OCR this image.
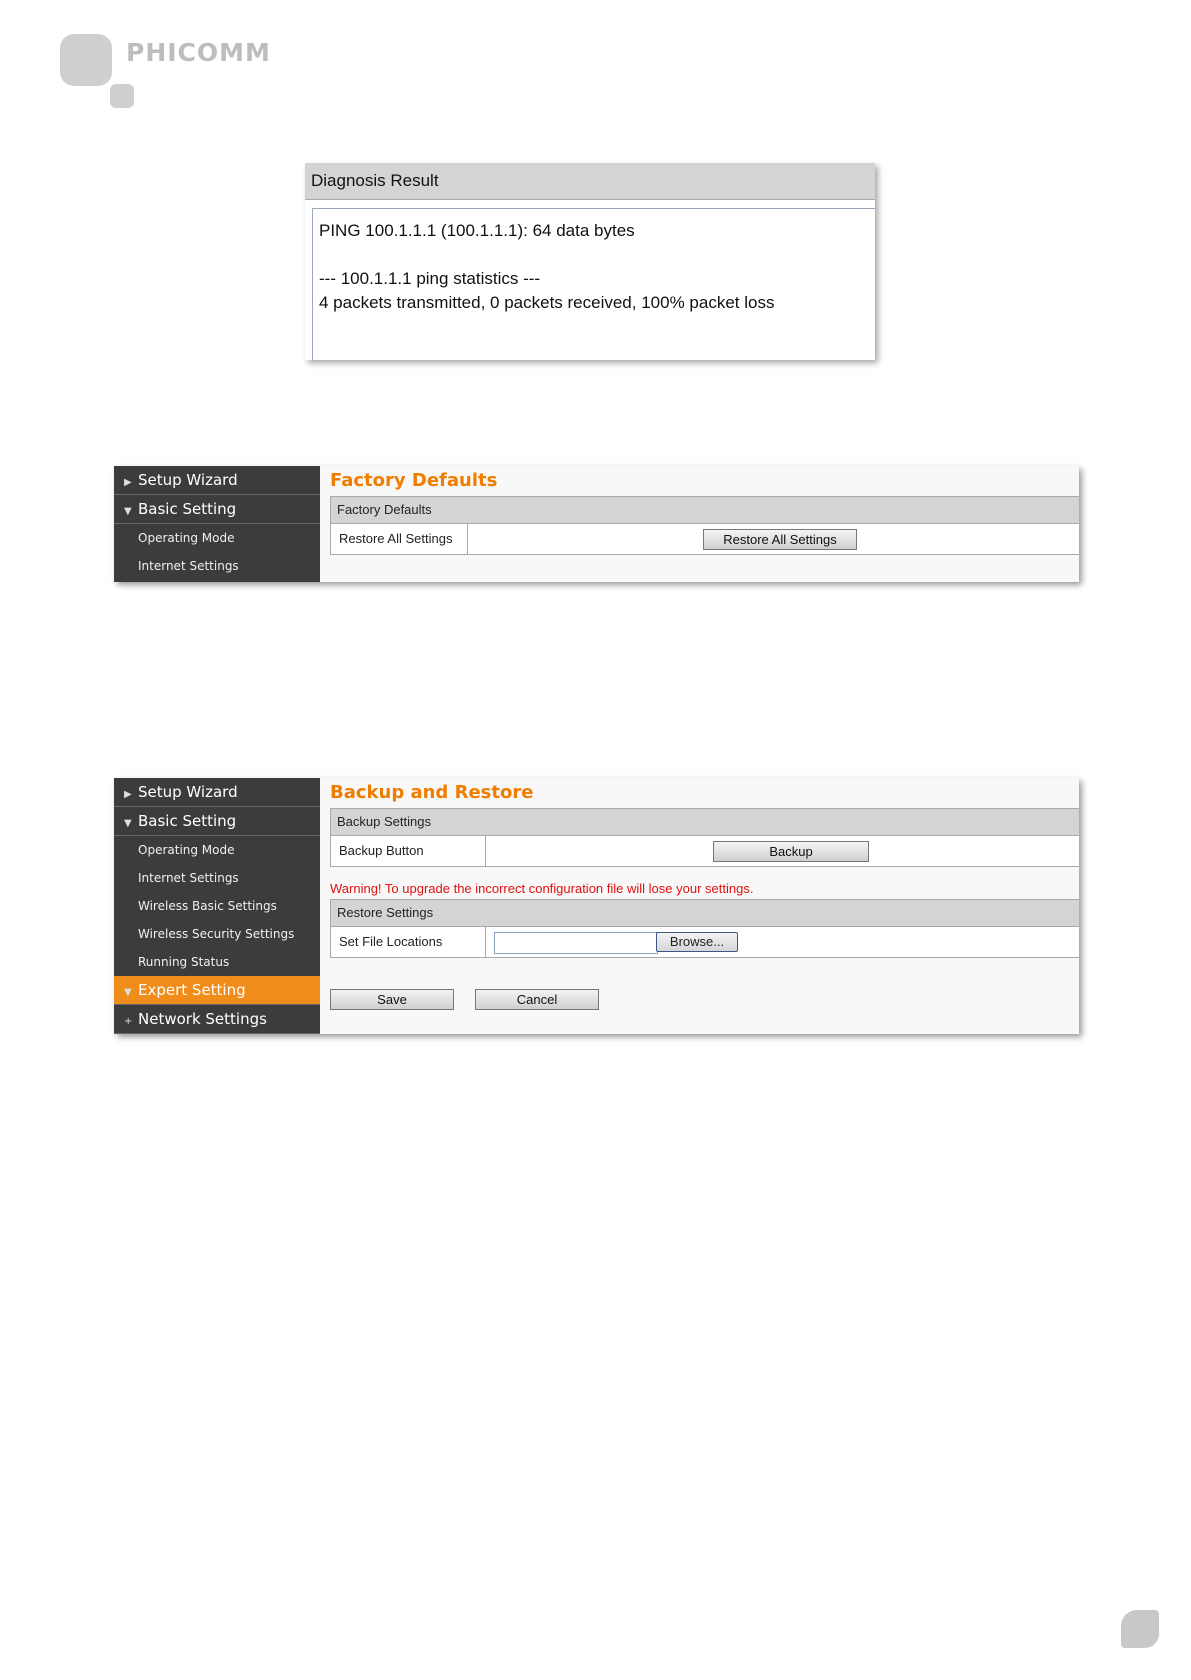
PHICOMM
Diagnosis Result
PING 100.1.1.1 (100.1.1.1): 64 data bytes
--- 100.1.1.1 ping statistics ---
4 packets transmitted, 0 packets received, 100% packet loss
▶ Setup Wizard
▼ Basic Setting
Operating Mode
Internet Settings
Factory Defaults
Factory Defaults
Restore All Settings	Restore All Settings
▶ Setup Wizard
▼ Basic Setting
Operating Mode
Internet Settings
Wireless Basic Settings
Wireless Security Settings
Running Status
▼ Expert Setting
+ Network Settings
Backup and Restore
Backup Settings
Backup Button	Backup
Warning! To upgrade the incorrect configuration file will lose your settings.
Restore Settings
Set File Locations	Browse...
Save	Cancel
